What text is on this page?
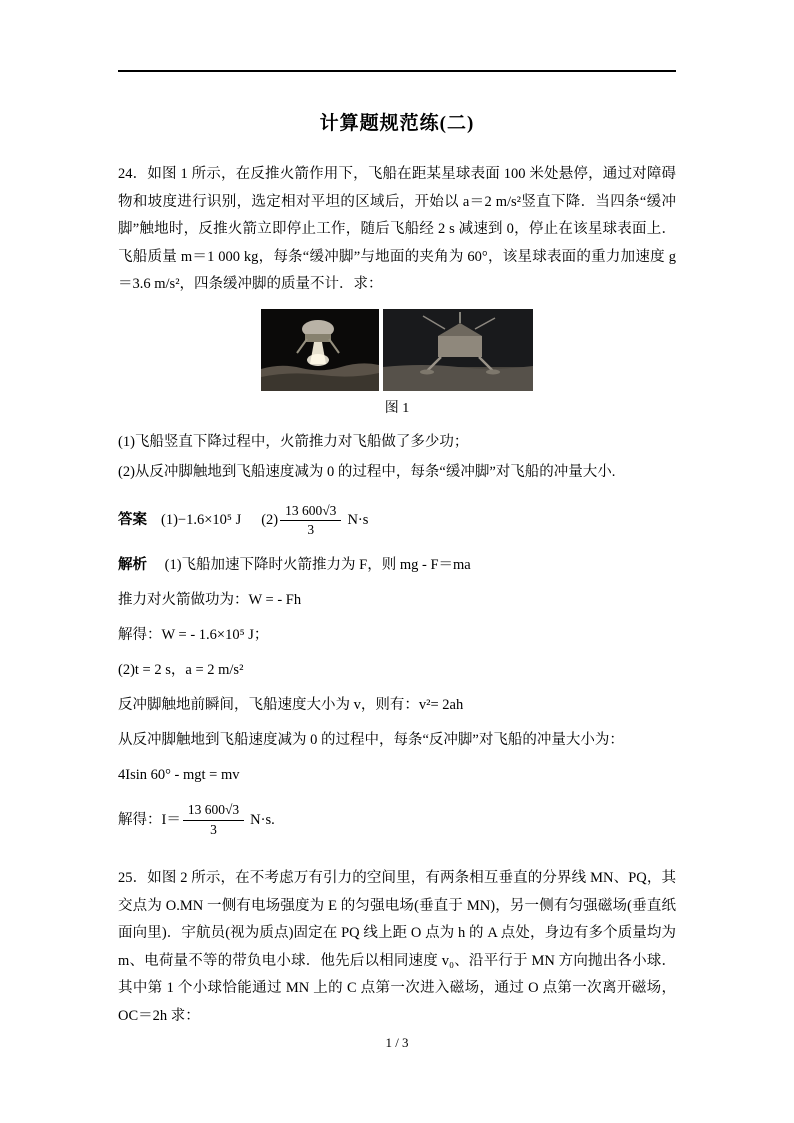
计算题规范练(二)
24．如图 1 所示，在反推火箭作用下，飞船在距某星球表面 100 米处悬停，通过对障碍物和坡度进行识别，选定相对平坦的区域后，开始以 a＝2 m/s²竖直下降．当四条“缓冲脚”触地时，反推火箭立即停止工作，随后飞船经 2 s 减速到 0，停止在该星球表面上．飞船质量 m＝1 000 kg，每条“缓冲脚”与地面的夹角为 60°，该星球表面的重力加速度 g＝3.6 m/s²，四条缓冲脚的质量不计．求：

图 1
(1)飞船竖直下降过程中，火箭推力对飞船做了多少功；
(2)从反冲脚触地到飞船速度减为 0 的过程中，每条“缓冲脚”对飞船的冲量大小.
答案 (1)−1.6×10⁵ J $(2) \frac{13 600√3}{3} N\cdot s$
解析 (1)飞船加速下降时火箭推力为 F，则 mg - F＝ma
推力对火箭做功为：W = - Fh
解得：W = - 1.6×10⁵ J；
(2)t = 2 s，a = 2 m/s²
反冲脚触地前瞬间，飞船速度大小为 v，则有：v²= 2ah
从反冲脚触地到飞船速度减为 0 的过程中，每条“反冲脚”对飞船的冲量大小为：
4Isin 60° - mgt = mv
解得：$I= \frac{13 600√3}{3} N\cdot s$.
25．如图 2 所示，在不考虑万有引力的空间里，有两条相互垂直的分界线 MN、PQ，其交点为 O.MN 一侧有电场强度为 E 的匀强电场(垂直于 MN)，另一侧有匀强磁场(垂直纸面向里)．宇航员(视为质点)固定在 PQ 线上距 O 点为 h 的 A 点处，身边有多个质量均为 m、电荷量不等的带负电小球．他先后以相同速度 v₀、沿平行于 MN 方向抛出各小球．其中第 1 个小球恰能通过 MN 上的 C 点第一次进入磁场，通过 O 点第一次离开磁场，OC＝2h 求：
1 / 3
